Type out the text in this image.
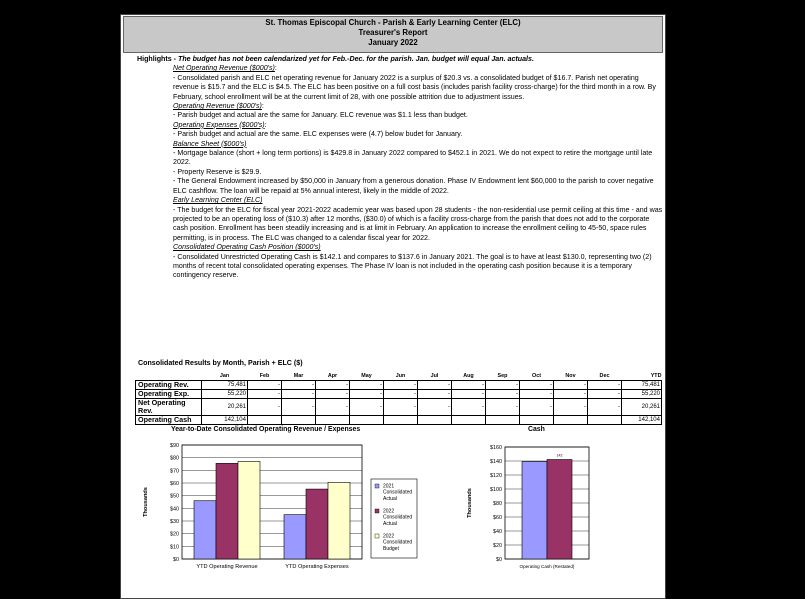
St. Thomas Episcopal Church - Parish & Early Learning Center (ELC)
Treasurer's Report
January 2022

Highlights - The budget has not been calendarized yet for Feb.-Dec. for the parish. Jan. budget will equal Jan. actuals.

Net Operating Revenue ($000's):

- Consolidated parish and ELC net operating revenue for January 2022 is a surplus of $20.3 vs. a consolidated budget of $16.7. Parish net operating revenue is $15.7 and the ELC is $4.5. The ELC has been positive on a full cost basis (includes parish facility cross-charge) for the third month in a row. By February, school enrollment will be at the current limit of 28, with one possible attrition due to adjustment issues.

Operating Revenue ($000's):

- Parish budget and actual are the same for January. ELC revenue was $1.1 less than budget.

Operating Expenses ($000's):

- Parish budget and actual are the same. ELC expenses were (4.7) below budet for January.

Balance Sheet ($000's)

- Mortgage balance (short + long term portions) is $429.8 in January 2022 compared to $452.1 in 2021. We do not expect to retire the mortgage until late 2022.

- Property Reserve is $29.9.

- The General Endowment increased by $50,000 in January from a generous donation. Phase IV Endowment lent $60,000 to the parish to cover negative ELC cashflow. The loan will be repaid at 5% annual interest, likely in the middle of 2022.

Early Learning Center (ELC)

- The budget for the ELC for fiscal year 2021-2022 academic year was based upon 28 students - the non-residential use permit ceiling at this time - and was projected to be an operating loss of ($10.3) after 12 months, ($30.0) of which is a facility cross-charge from the parish that does not add to the corporate cash position. Enrollment has been steadily increasing and is at limit in February. An application to increase the enrollment ceiling to 45-50, space rules permitting, is in process. The ELC was changed to a calendar fiscal year for 2022.

Consolidated Operating Cash Position ($000's)

- Consolidated Unrestricted Operating Cash is $142.1 and compares to $137.6 in January 2021. The goal is to have at least $130.0, representing two (2) months of recent total consolidated operating expenses. The Phase IV loan is not included in the operating cash position because it is a temporary contingency reserve.

Consolidated Results by Month, Parish + ELC ($)
	Jan	Feb	Mar	Apr	May	Jun	Jul	Aug	Sep	Oct	Nov	Dec	YTD
Operating Rev.	75,481	-	-	-	-	-	-	-	-	-	-	-	75,481
Operating Exp.	55,220	-	-	-	-	-	-	-	-	-	-	-	55,220
Net Operating Rev.	20,261	-	-	-	-	-	-	-	-	-	-	-	20,261
Operating Cash	142,104												142,104
Year-to-Date Consolidated Operating Revenue / Expenses
$0
$10
$20
$30
$40
$50
$60
$70
$80
$90
Thousands
YTD Operating Revenue	YTD Operating Expenses
2021 Consolidated Actual
2022 Consolidated Actual
2022 Consolidated Budget
Cash
$0
$20
$40
$60
$80
$100
$120
$140
$160
Thousands
142
Operating Cash (Restated)
